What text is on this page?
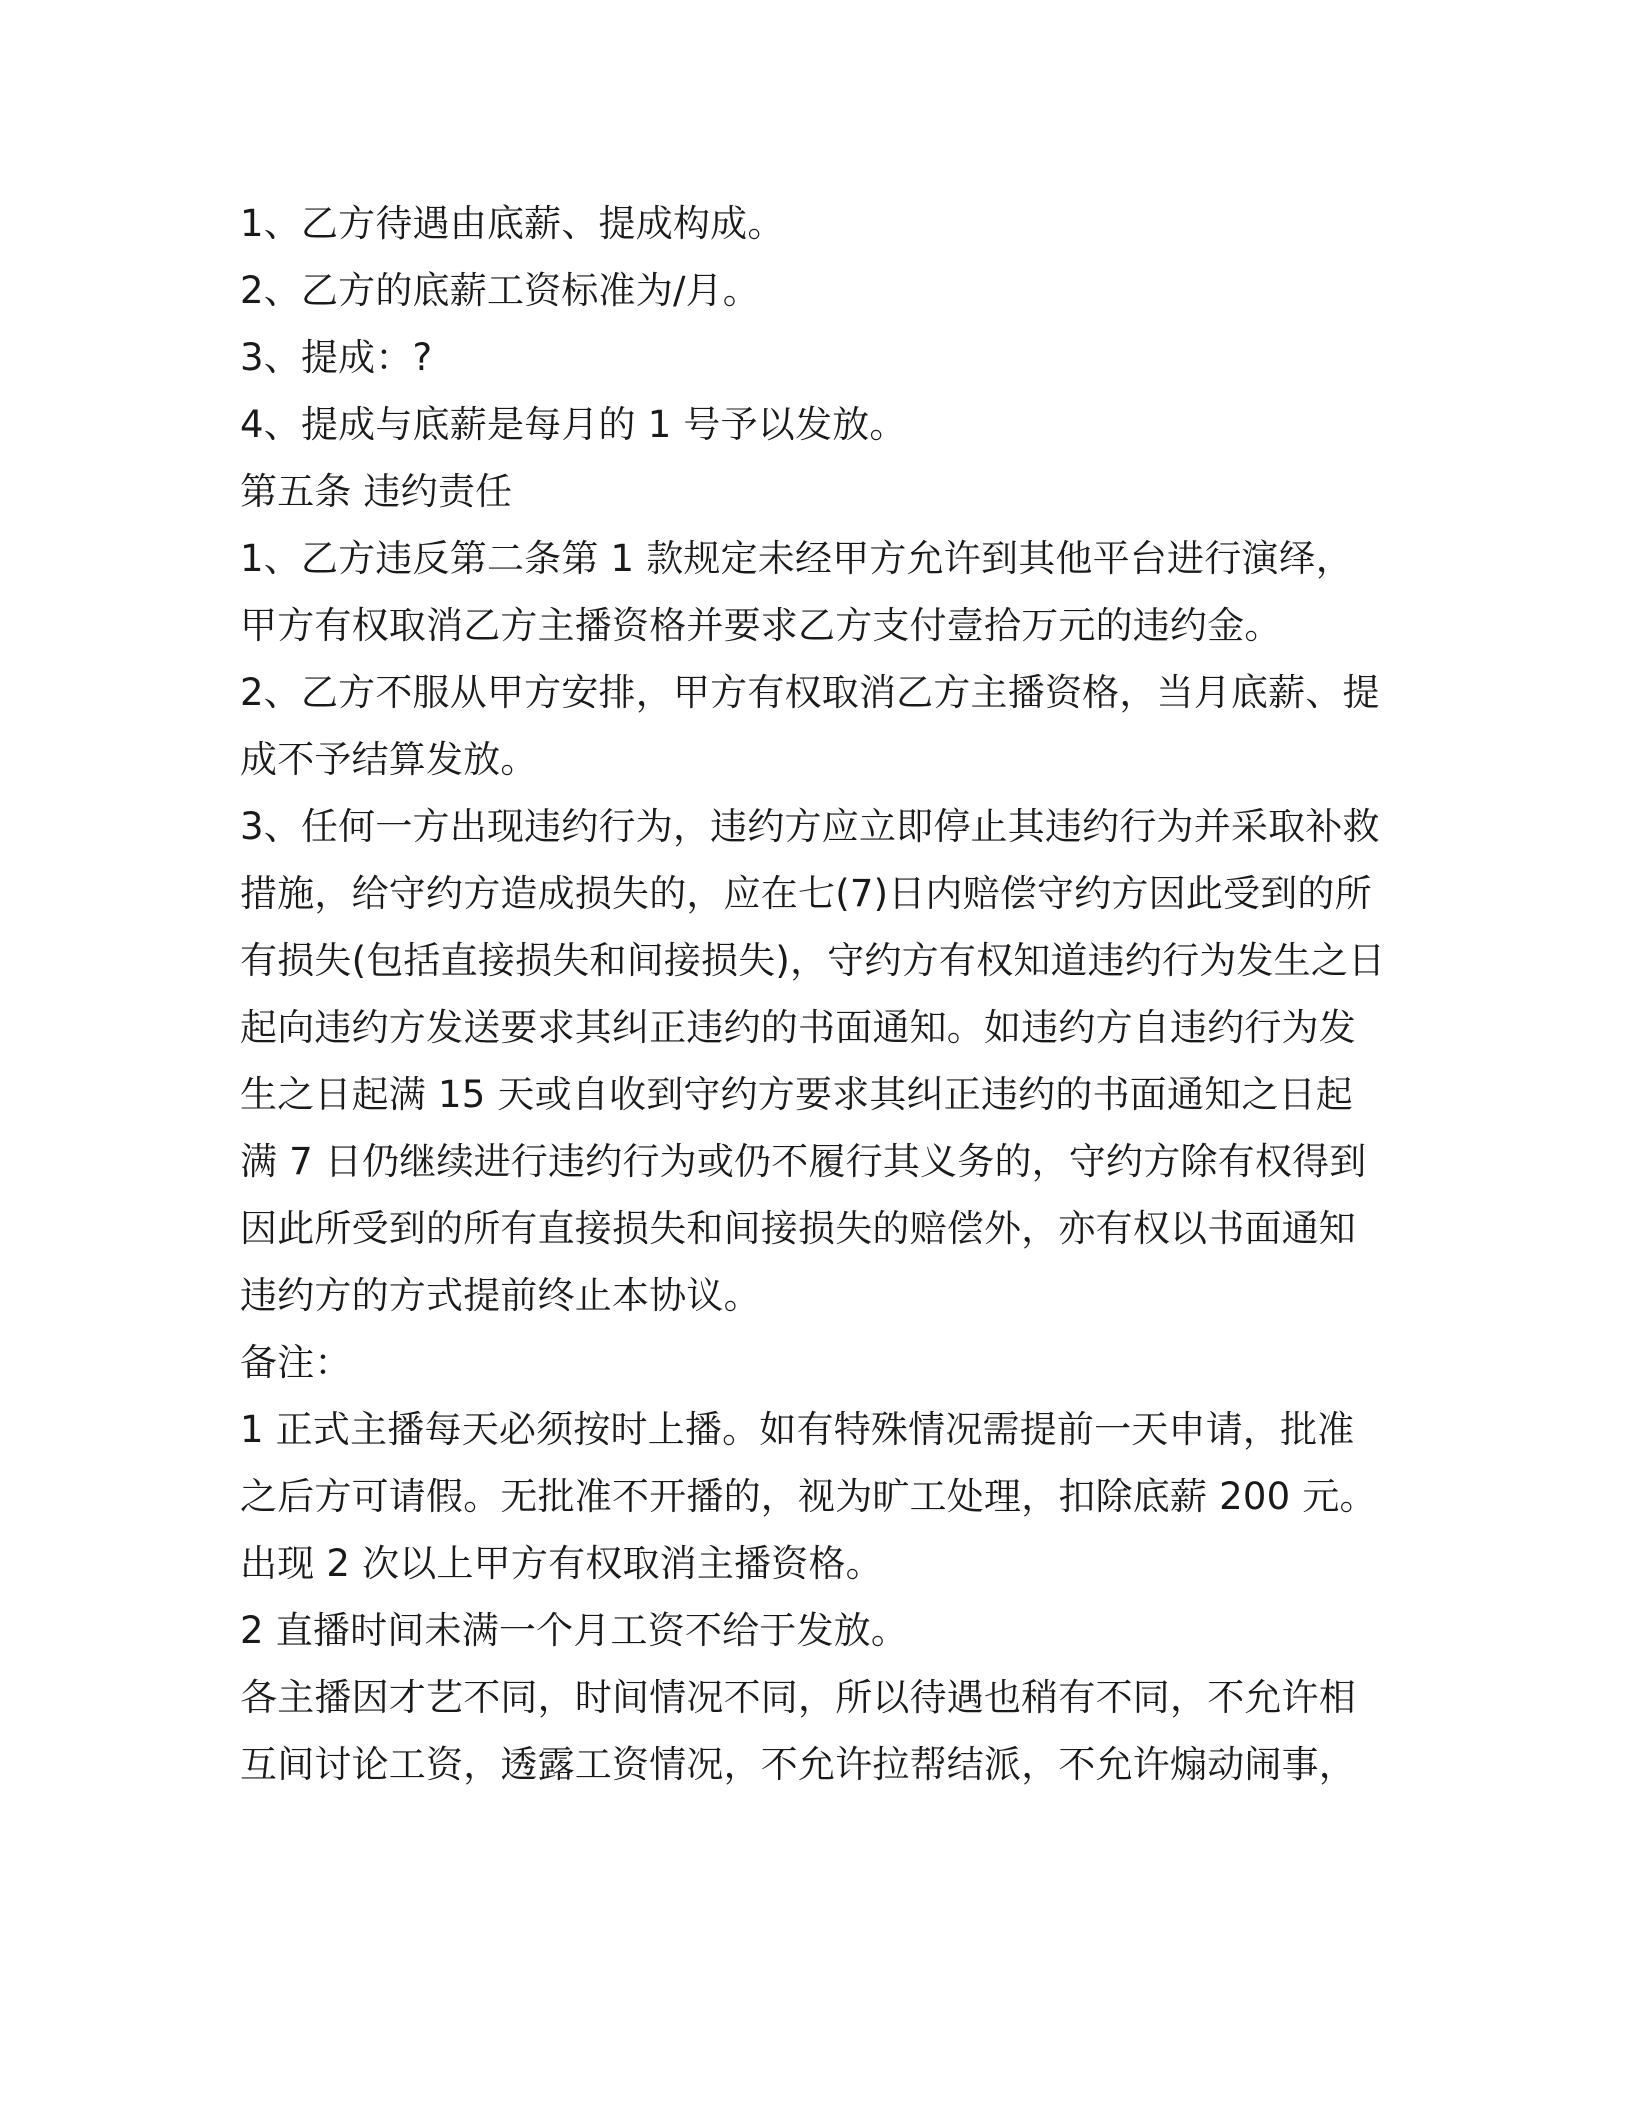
1、乙方待遇由底薪、提成构成。

2、乙方的底薪工资标准为/月。

3、提成：?

4、提成与底薪是每月的 1 号予以发放。

第五条 违约责任

1、乙方违反第二条第 1 款规定未经甲方允许到其他平台进行演绎，甲方有权取消乙方主播资格并要求乙方支付壹拾万元的违约金。

2、乙方不服从甲方安排，甲方有权取消乙方主播资格，当月底薪、提成不予结算发放。

3、任何一方出现违约行为，违约方应立即停止其违约行为并采取补救措施，给守约方造成损失的，应在七(7)日内赔偿守约方因此受到的所有损失(包括直接损失和间接损失)，守约方有权知道违约行为发生之日起向违约方发送要求其纠正违约的书面通知。如违约方自违约行为发生之日起满 15 天或自收到守约方要求其纠正违约的书面通知之日起满 7 日仍继续进行违约行为或仍不履行其义务的，守约方除有权得到因此所受到的所有直接损失和间接损失的赔偿外，亦有权以书面通知违约方的方式提前终止本协议。

备注：

1 正式主播每天必须按时上播。如有特殊情况需提前一天申请，批准之后方可请假。无批准不开播的，视为旷工处理，扣除底薪 200 元。出现 2 次以上甲方有权取消主播资格。

2 直播时间未满一个月工资不给于发放。

各主播因才艺不同，时间情况不同，所以待遇也稍有不同，不允许相互间讨论工资，透露工资情况，不允许拉帮结派，不允许煽动闹事，
